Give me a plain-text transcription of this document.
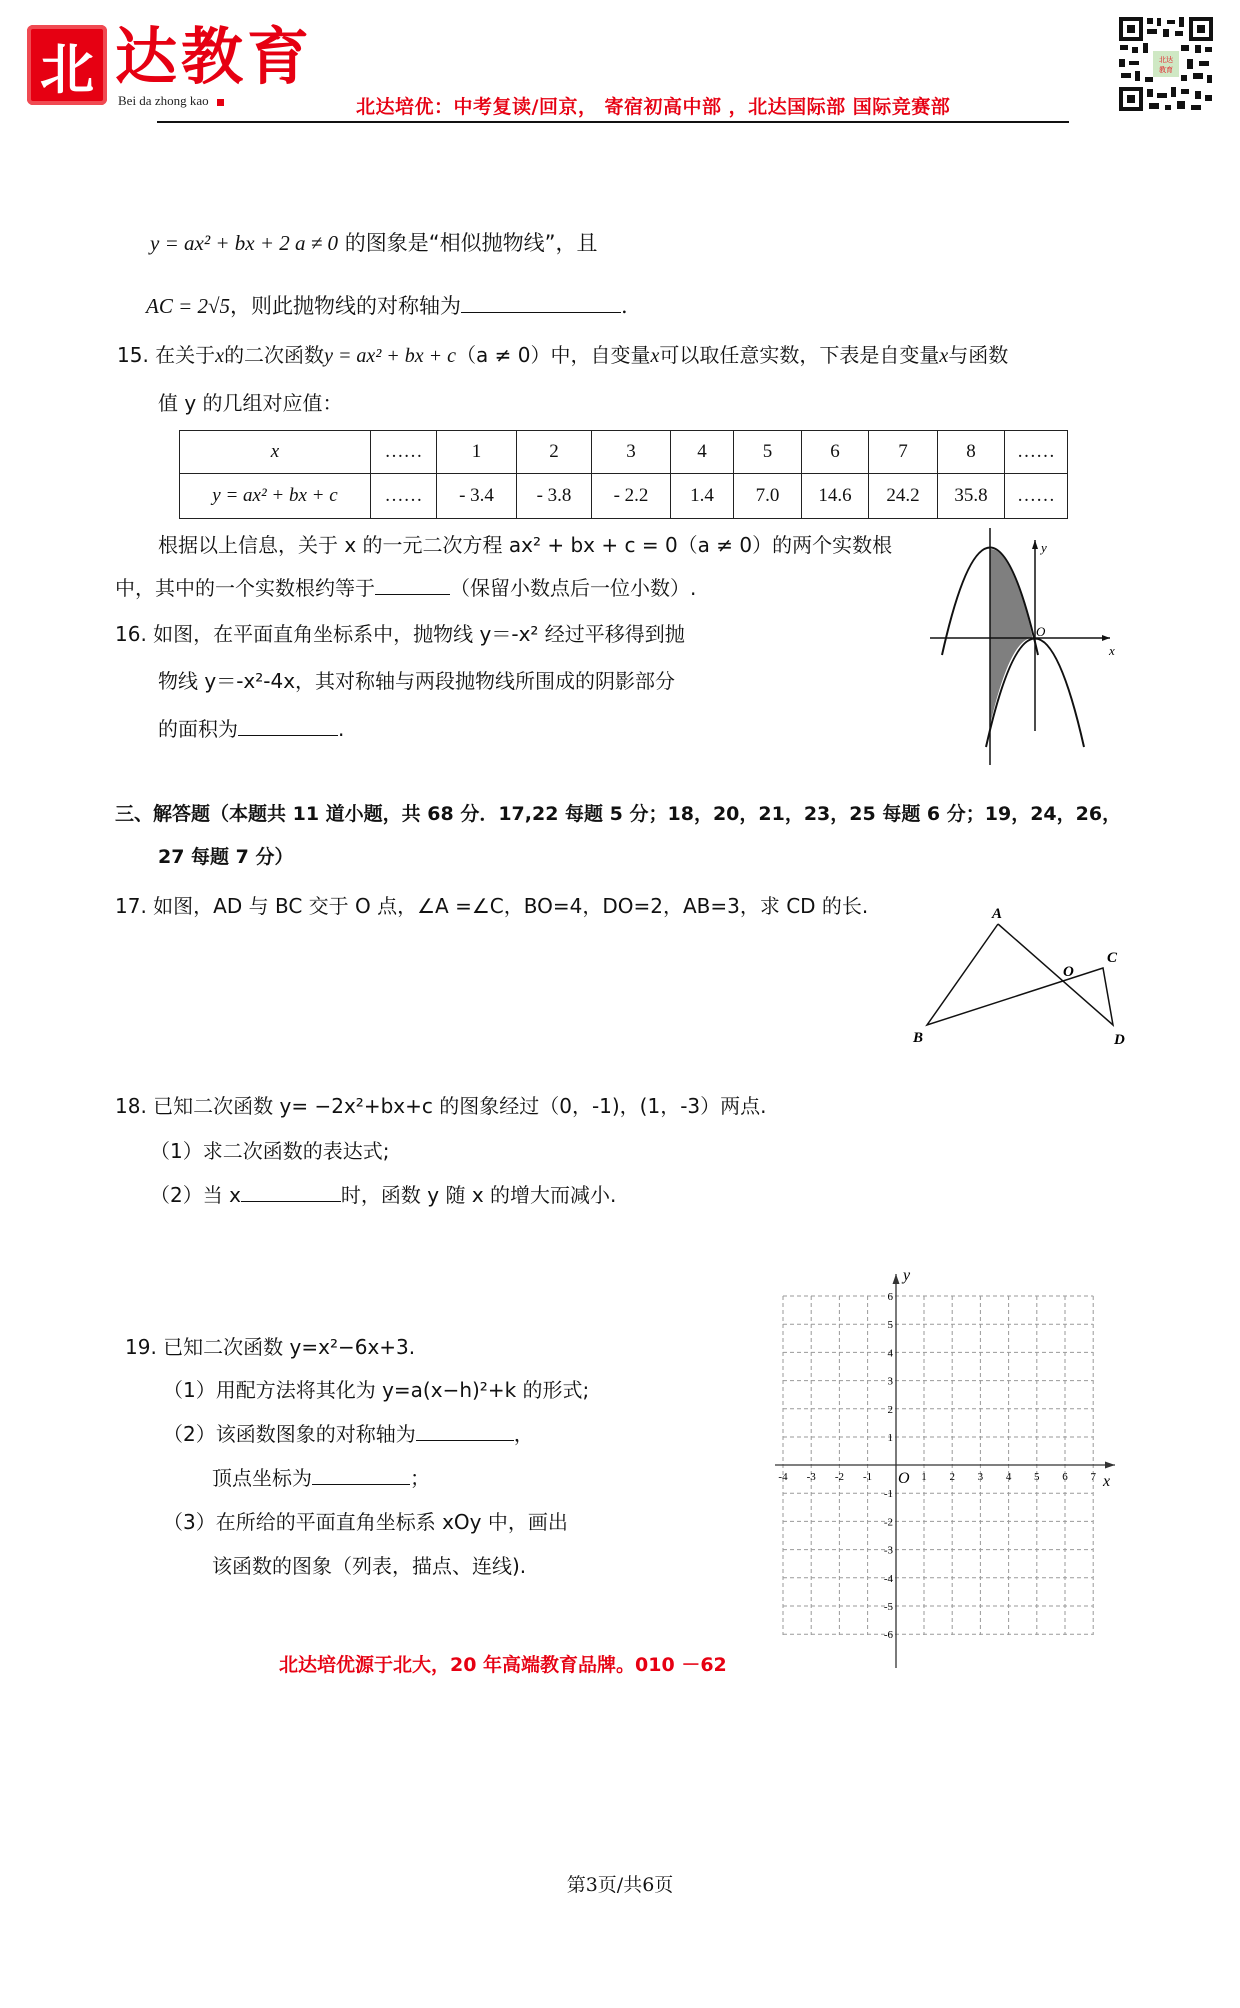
北 达教育
Bei da zhong kao	北达培优：中考复读/回京， 寄宿初高中部 ，北达国际部 国际竞赛部
北达
教育
y = ax² + bx + 2 a ≠ 0 的图象是“相似抛物线”，且
AC = 2√5，则此抛物线的对称轴为	.
15. 在关于x的二次函数y = ax² + bx + c（a ≠ 0）中，自变量x可以取任意实数，下表是自变量x与函数
值 y 的几组对应值：
x	……	1	2	3	4	5	6	7	8	……
y = ax² + bx + c	……	- 3.4	- 3.8	- 2.2	1.4	7.0	14.6	24.2	35.8	……
根据以上信息，关于 x 的一元二次方程 ax² + bx + c = 0（a ≠ 0）的两个实数根
中，其中的一个实数根约等于	（保留小数点后一位小数）.
16. 如图，在平面直角坐标系中，抛物线 y＝-x² 经过平移得到抛
物线 y＝-x²-4x，其对称轴与两段抛物线所围成的阴影部分
的面积为	.
x
y
O
三、解答题（本题共 11 道小题，共 68 分．17,22 每题 5 分；18，20，21，23，25 每题 6 分；19，24，26，
27 每题 7 分）
17. 如图，AD 与 BC 交于 O 点，∠A =∠C，BO=4，DO=2，AB=3，求 CD 的长.	A
B
C
D
O
18. 已知二次函数 y= −2x²+bx+c 的图象经过（0，-1)，(1，-3）两点.
（1）求二次函数的表达式;
（2）当 x	时，函数 y 随 x 的增大而减小.
19. 已知二次函数 y=x²−6x+3.
（1）用配方法将其化为 y=a(x−h)²+k 的形式;
（2）该函数图象的对称轴为	，
顶点坐标为	；
（3）在所给的平面直角坐标系 xOy 中，画出
该函数的图象（列表，描点、连线).
x
y
O
-4 -3 -2 -1	1 2 3 4 5 6 7
6
5
4
3
2
1
-1
-2
-3
-4
-5
-6
北达培优源于北大，20 年高端教育品牌。010 －62
第3页/共6页
